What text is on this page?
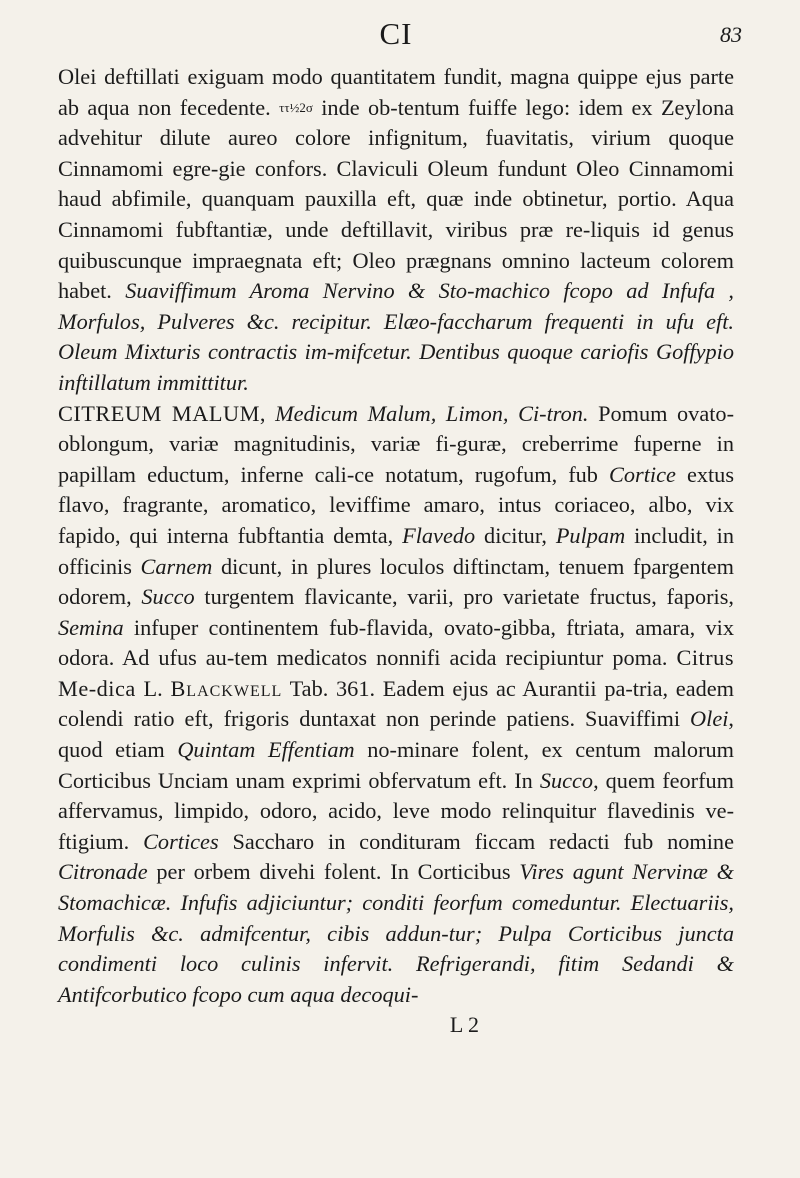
CI	83

Olei deftillati exiguam modo quantitatem fundit, magna quippe ejus parte ab aqua non fecedente. ττ½2σ inde ob-tentum fuiffe lego: idem ex Zeylona advehitur dilute aureo colore infignitum, fuavitatis, virium quoque Cinnamomi egre-gie confors. Claviculi Oleum fundunt Oleo Cinnamomi haud abfimile, quanquam pauxilla eft, quæ inde obtinetur, portio. Aqua Cinnamomi fubftantiæ, unde deftillavit, viribus præ re-liquis id genus quibuscunque impraegnata eft; Oleo prægnans omnino lacteum colorem habet. Suaviffimum Aroma Nervino & Sto-machico fcopo ad Infufa , Morfulos, Pulveres &c. recipitur. Elæo-faccharum frequenti in ufu eft. Oleum Mixturis contractis im-mifcetur. Dentibus quoque cariofis Goffypio inftillatum immittitur.

CITREUM MALUM, Medicum Malum, Limon, Ci-tron. Pomum ovato-oblongum, variæ magnitudinis, variæ fi-guræ, creberrime fuperne in papillam eductum, inferne cali-ce notatum, rugofum, fub Cortice extus flavo, fragrante, aromatico, leviffime amaro, intus coriaceo, albo, vix fapido, qui interna fubftantia demta, Flavedo dicitur, Pulpam includit, in officinis Carnem dicunt, in plures loculos diftinctam, tenuem fpargentem odorem, Succo turgentem flavicante, varii, pro varietate fructus, faporis, Semina infuper continentem fub-flavida, ovato-gibba, ftriata, amara, vix odora. Ad ufus au-tem medicatos nonnifi acida recipiuntur poma. Citrus Me-dica L. Blackwell Tab. 361. Eadem ejus ac Aurantii pa-tria, eadem colendi ratio eft, frigoris duntaxat non perinde patiens. Suaviffimi Olei, quod etiam Quintam Effentiam no-minare folent, ex centum malorum Corticibus Unciam unam exprimi obfervatum eft. In Succo, quem feorfum affervamus, limpido, odoro, acido, leve modo relinquitur flavedinis ve-ftigium. Cortices Saccharo in condituram ficcam redacti fub nomine Citronade per orbem divehi folent. In Corticibus Vires agunt Nervinæ & Stomachicæ. Infufis adjiciuntur; conditi feorfum comeduntur. Electuariis, Morfulis &c. admifcentur, cibis addun-tur; Pulpa Corticibus juncta condimenti loco culinis infervit. Refrigerandi, fitim Sedandi & Antifcorbutico fcopo cum aqua decoqui-

L 2
